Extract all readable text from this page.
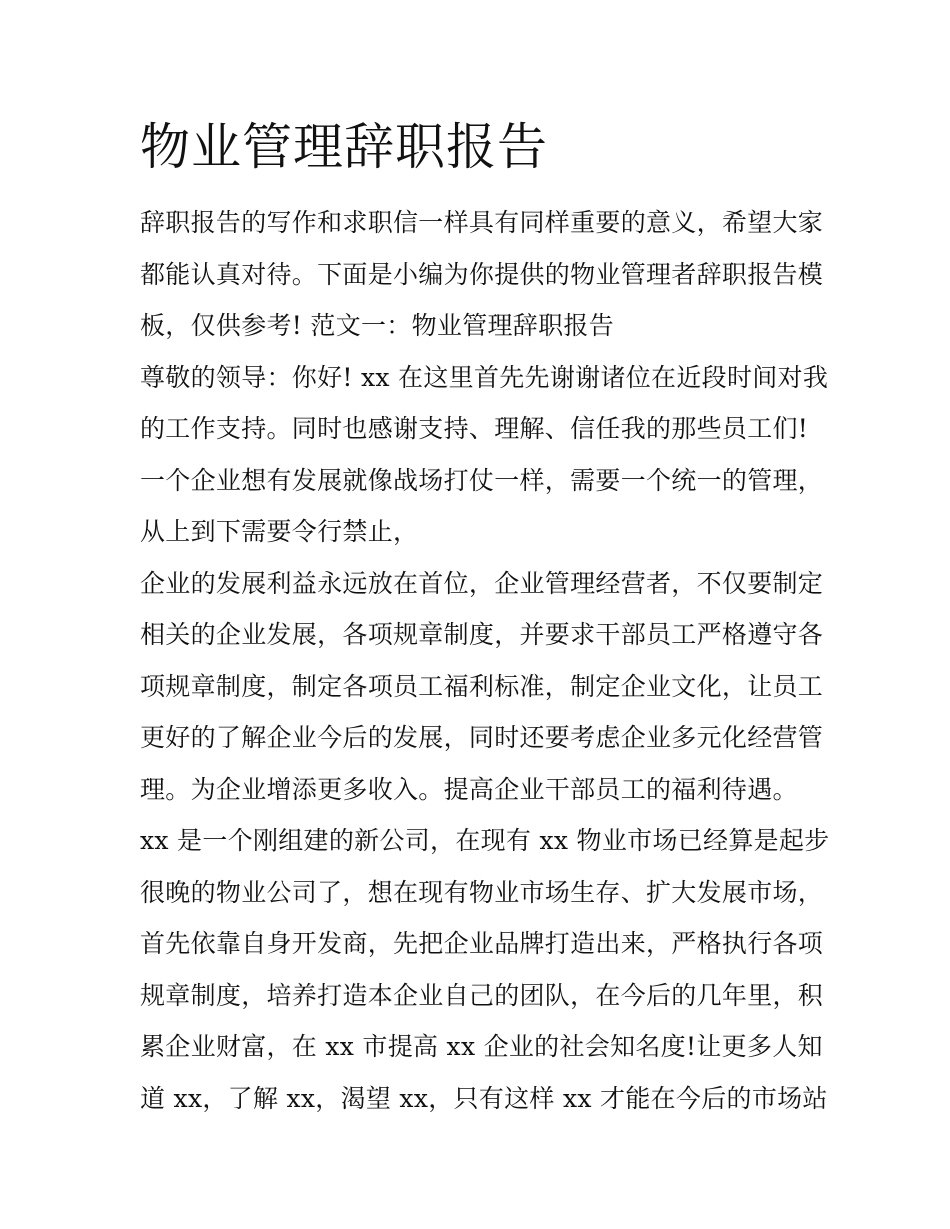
物业管理辞职报告
辞职报告的写作和求职信一样具有同样重要的意义，希望大家
都能认真对待。下面是小编为你提供的物业管理者辞职报告模
板，仅供参考! 范文一：物业管理辞职报告
尊敬的领导：你好! xx 在这里首先先谢谢诸位在近段时间对我
的工作支持。同时也感谢支持、理解、信任我的那些员工们!
一个企业想有发展就像战场打仗一样，需要一个统一的管理，
从上到下需要令行禁止，
企业的发展利益永远放在首位，企业管理经营者，不仅要制定
相关的企业发展，各项规章制度，并要求干部员工严格遵守各
项规章制度，制定各项员工福利标准，制定企业文化，让员工
更好的了解企业今后的发展，同时还要考虑企业多元化经营管
理。为企业增添更多收入。提高企业干部员工的福利待遇。
xx 是一个刚组建的新公司，在现有 xx 物业市场已经算是起步
很晚的物业公司了，想在现有物业市场生存、扩大发展市场，
首先依靠自身开发商，先把企业品牌打造出来，严格执行各项
规章制度，培养打造本企业自己的团队，在今后的几年里，积
累企业财富，在 xx 市提高 xx 企业的社会知名度!让更多人知
道 xx，了解 xx，渴望 xx，只有这样 xx 才能在今后的市场站
